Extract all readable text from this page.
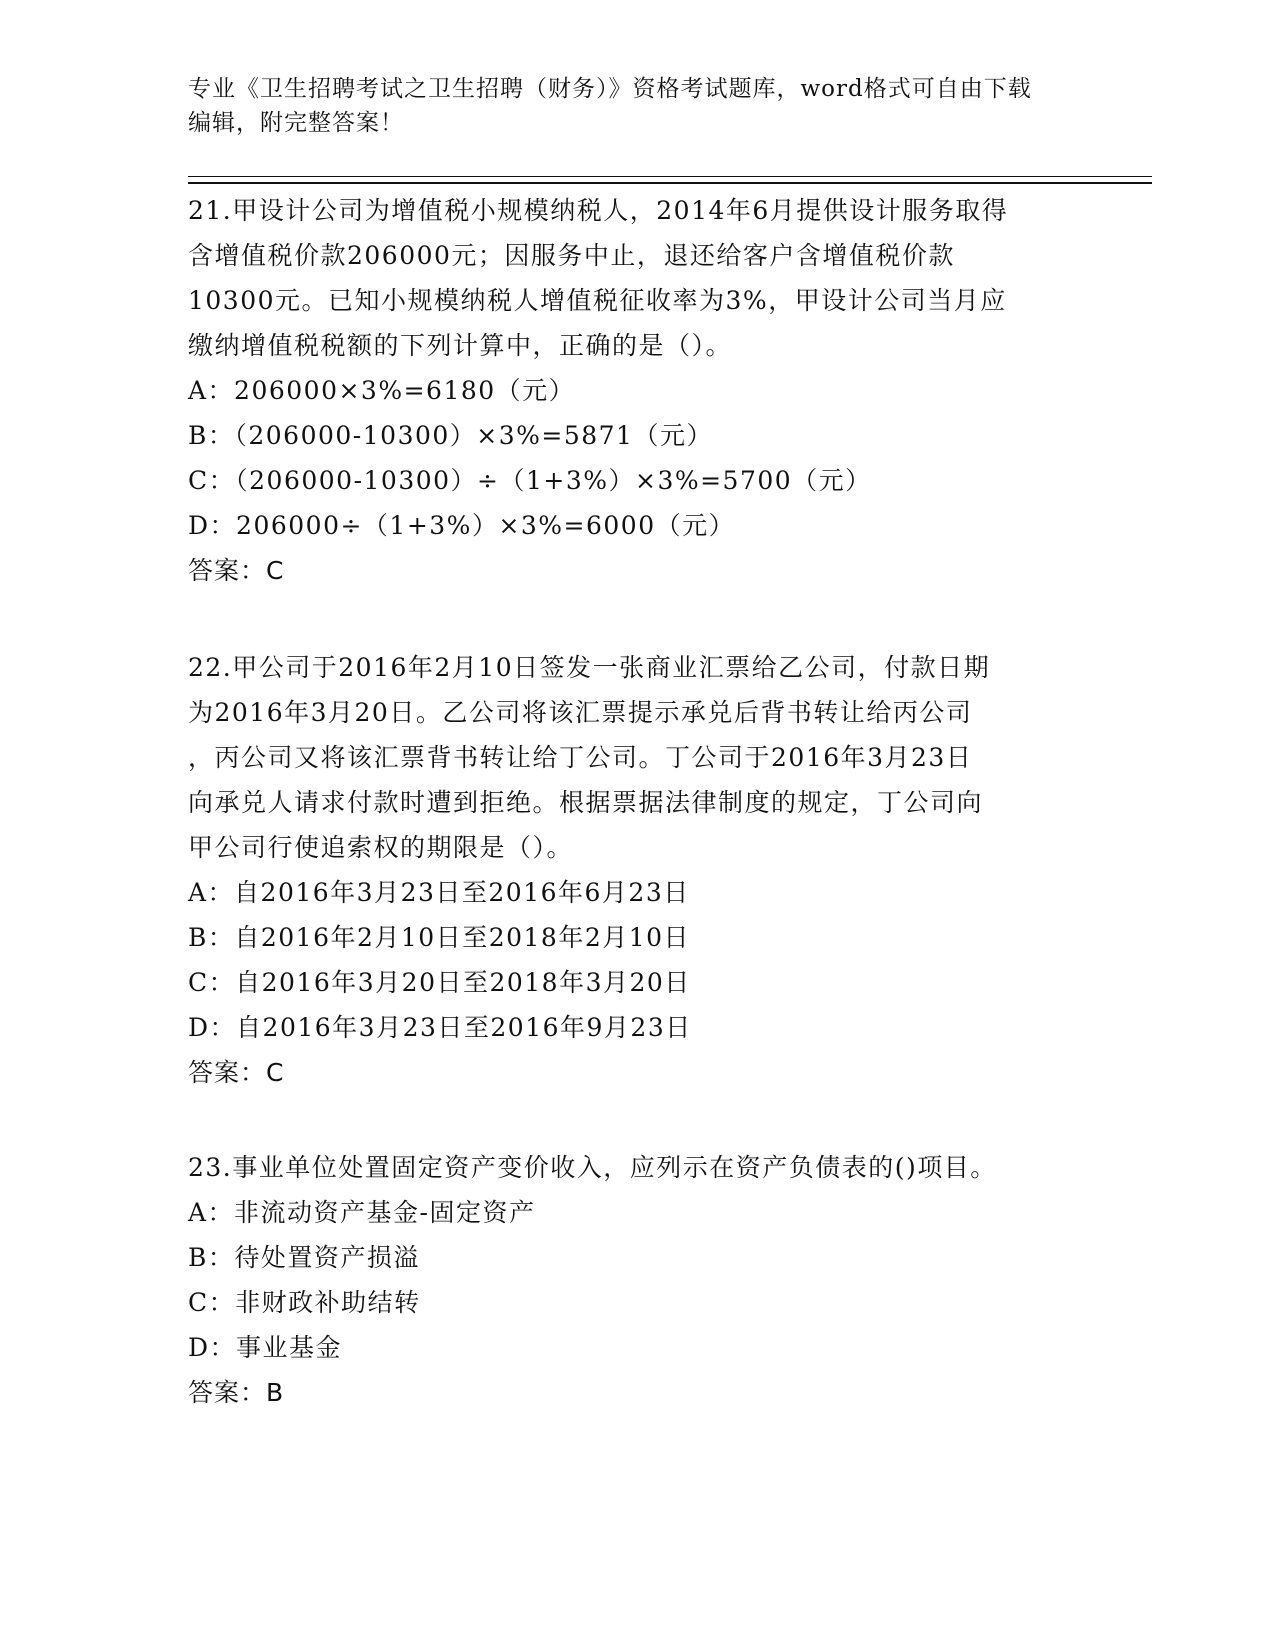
专业《卫生招聘考试之卫生招聘（财务）》资格考试题库，word格式可自由下载
编辑，附完整答案！
21.甲设计公司为增值税小规模纳税人，2014年6月提供设计服务取得
含增值税价款206000元；因服务中止，退还给客户含增值税价款
10300元。已知小规模纳税人增值税征收率为3%，甲设计公司当月应
缴纳增值税税额的下列计算中，正确的是（）。
A：206000×3%=6180（元）
B：（206000-10300）×3%=5871（元）
C：（206000-10300）÷（1+3%）×3%=5700（元）
D：206000÷（1+3%）×3%=6000（元）
答案：C
22.甲公司于2016年2月10日签发一张商业汇票给乙公司，付款日期
为2016年3月20日。乙公司将该汇票提示承兑后背书转让给丙公司
，丙公司又将该汇票背书转让给丁公司。丁公司于2016年3月23日
向承兑人请求付款时遭到拒绝。根据票据法律制度的规定，丁公司向
甲公司行使追索权的期限是（）。
A：自2016年3月23日至2016年6月23日
B：自2016年2月10日至2018年2月10日
C：自2016年3月20日至2018年3月20日
D：自2016年3月23日至2016年9月23日
答案：C
23.事业单位处置固定资产变价收入，应列示在资产负债表的()项目。
A：非流动资产基金-固定资产
B：待处置资产损溢
C：非财政补助结转
D：事业基金
答案：B
